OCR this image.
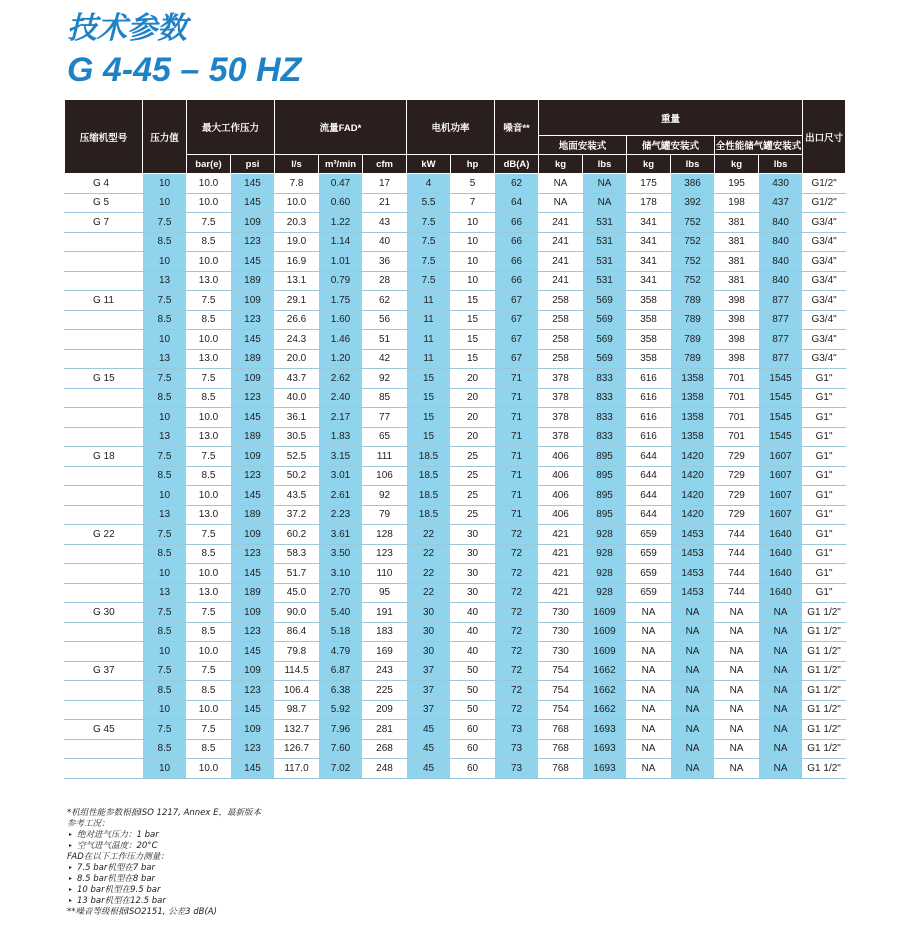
技术参数
G 4-45 – 50 HZ
压缩机型号	压力值	最大工作压力		流量FAD*			电机功率		噪音**	重量						出口尺寸
										地面安装式		储气罐安装式		全性能储气罐安装式		
		bar(e)	psi	l/s	m³/min	cfm	kW	hp	dB(A)	kg	lbs	kg	lbs	kg	lbs	
G 4	10	10.0	145	7.8	0.47	17	4	5	62	NA	NA	175	386	195	430	G1/2"
G 5	10	10.0	145	10.0	0.60	21	5.5	7	64	NA	NA	178	392	198	437	G1/2"
G 7	7.5	7.5	109	20.3	1.22	43	7.5	10	66	241	531	341	752	381	840	G3/4"
	8.5	8.5	123	19.0	1.14	40	7.5	10	66	241	531	341	752	381	840	G3/4"
	10	10.0	145	16.9	1.01	36	7.5	10	66	241	531	341	752	381	840	G3/4"
	13	13.0	189	13.1	0.79	28	7.5	10	66	241	531	341	752	381	840	G3/4"
G 11	7.5	7.5	109	29.1	1.75	62	11	15	67	258	569	358	789	398	877	G3/4"
	8.5	8.5	123	26.6	1.60	56	11	15	67	258	569	358	789	398	877	G3/4"
	10	10.0	145	24.3	1.46	51	11	15	67	258	569	358	789	398	877	G3/4"
	13	13.0	189	20.0	1.20	42	11	15	67	258	569	358	789	398	877	G3/4"
G 15	7.5	7.5	109	43.7	2.62	92	15	20	71	378	833	616	1358	701	1545	G1"
	8.5	8.5	123	40.0	2.40	85	15	20	71	378	833	616	1358	701	1545	G1"
	10	10.0	145	36.1	2.17	77	15	20	71	378	833	616	1358	701	1545	G1"
	13	13.0	189	30.5	1.83	65	15	20	71	378	833	616	1358	701	1545	G1"
G 18	7.5	7.5	109	52.5	3.15	111	18.5	25	71	406	895	644	1420	729	1607	G1"
	8.5	8.5	123	50.2	3.01	106	18.5	25	71	406	895	644	1420	729	1607	G1"
	10	10.0	145	43.5	2.61	92	18.5	25	71	406	895	644	1420	729	1607	G1"
	13	13.0	189	37.2	2.23	79	18.5	25	71	406	895	644	1420	729	1607	G1"
G 22	7.5	7.5	109	60.2	3.61	128	22	30	72	421	928	659	1453	744	1640	G1"
	8.5	8.5	123	58.3	3.50	123	22	30	72	421	928	659	1453	744	1640	G1"
	10	10.0	145	51.7	3.10	110	22	30	72	421	928	659	1453	744	1640	G1"
	13	13.0	189	45.0	2.70	95	22	30	72	421	928	659	1453	744	1640	G1"
G 30	7.5	7.5	109	90.0	5.40	191	30	40	72	730	1609	NA	NA	NA	NA	G1 1/2"
	8.5	8.5	123	86.4	5.18	183	30	40	72	730	1609	NA	NA	NA	NA	G1 1/2"
	10	10.0	145	79.8	4.79	169	30	40	72	730	1609	NA	NA	NA	NA	G1 1/2"
G 37	7.5	7.5	109	114.5	6.87	243	37	50	72	754	1662	NA	NA	NA	NA	G1 1/2"
	8.5	8.5	123	106.4	6.38	225	37	50	72	754	1662	NA	NA	NA	NA	G1 1/2"
	10	10.0	145	98.7	5.92	209	37	50	72	754	1662	NA	NA	NA	NA	G1 1/2"
G 45	7.5	7.5	109	132.7	7.96	281	45	60	73	768	1693	NA	NA	NA	NA	G1 1/2"
	8.5	8.5	123	126.7	7.60	268	45	60	73	768	1693	NA	NA	NA	NA	G1 1/2"
	10	10.0	145	117.0	7.02	248	45	60	73	768	1693	NA	NA	NA	NA	G1 1/2"
*机组性能参数根据ISO 1217, Annex E，最新版本
参考工况：
▸ 绝对进气压力：1 bar
▸ 空气进气温度：20°C
FAD在以下工作压力测量：
▸ 7.5 bar机型在7 bar
▸ 8.5 bar机型在8 bar
▸ 10 bar机型在9.5 bar
▸ 13 bar机型在12.5 bar
**噪音等级根据ISO2151, 公差3 dB(A)
